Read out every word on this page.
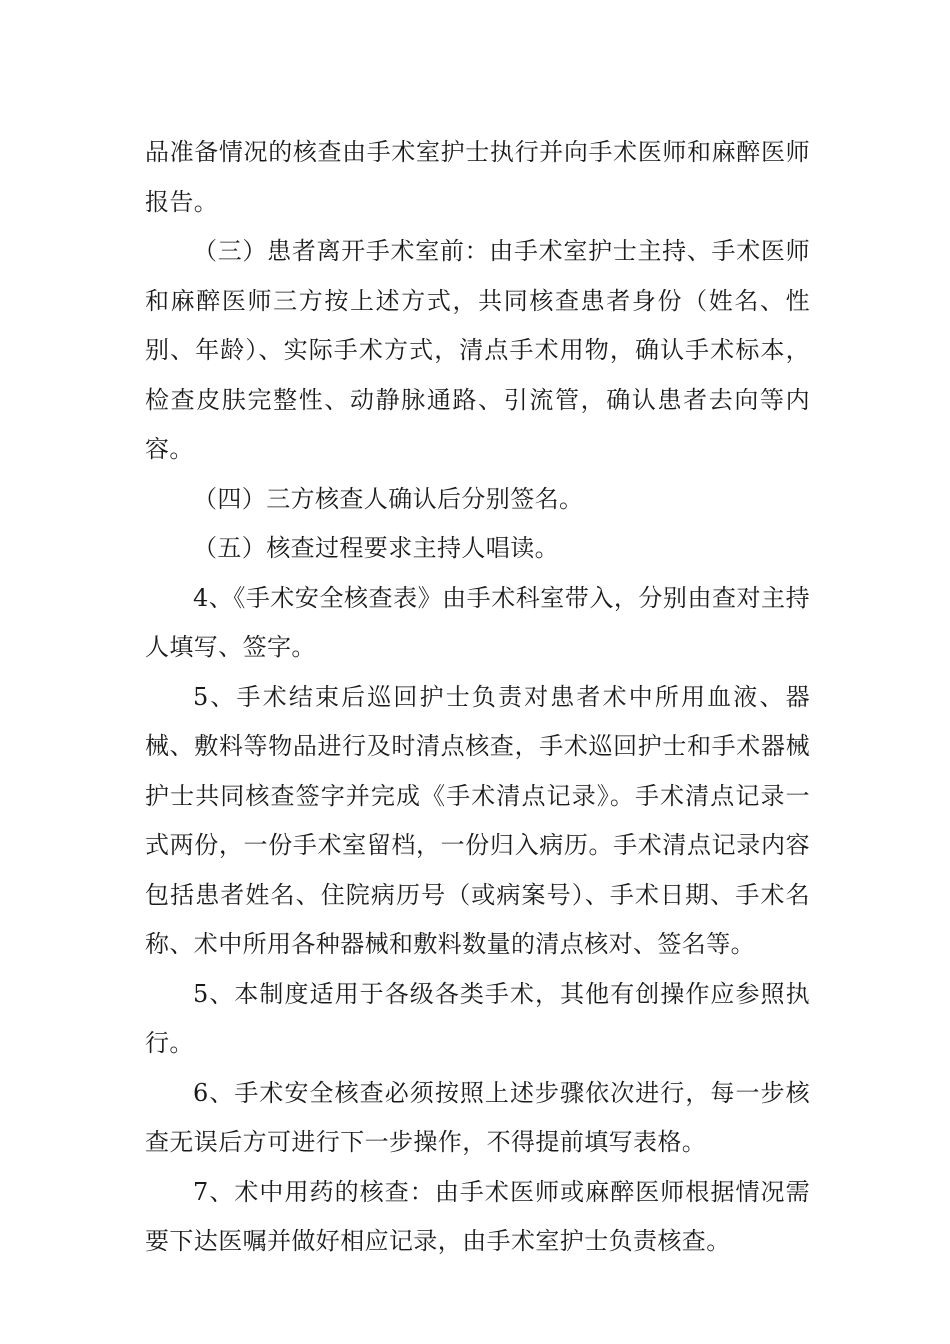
品准备情况的核查由手术室护士执行并向手术医师和麻醉医师报告。

（三）患者离开手术室前：由手术室护士主持、手术医师和麻醉医师三方按上述方式，共同核查患者身份（姓名、性别、年龄）、实际手术方式，清点手术用物，确认手术标本，检查皮肤完整性、动静脉通路、引流管，确认患者去向等内容。

（四）三方核查人确认后分别签名。

（五）核查过程要求主持人唱读。

4、《手术安全核查表》由手术科室带入，分别由查对主持人填写、签字。

5、手术结束后巡回护士负责对患者术中所用血液、器械、敷料等物品进行及时清点核查，手术巡回护士和手术器械护士共同核查签字并完成《手术清点记录》。手术清点记录一式两份，一份手术室留档，一份归入病历。手术清点记录内容包括患者姓名、住院病历号（或病案号）、手术日期、手术名称、术中所用各种器械和敷料数量的清点核对、签名等。

5、本制度适用于各级各类手术，其他有创操作应参照执行。

6、手术安全核查必须按照上述步骤依次进行，每一步核查无误后方可进行下一步操作，不得提前填写表格。

7、术中用药的核查：由手术医师或麻醉医师根据情况需要下达医嘱并做好相应记录，由手术室护士负责核查。
